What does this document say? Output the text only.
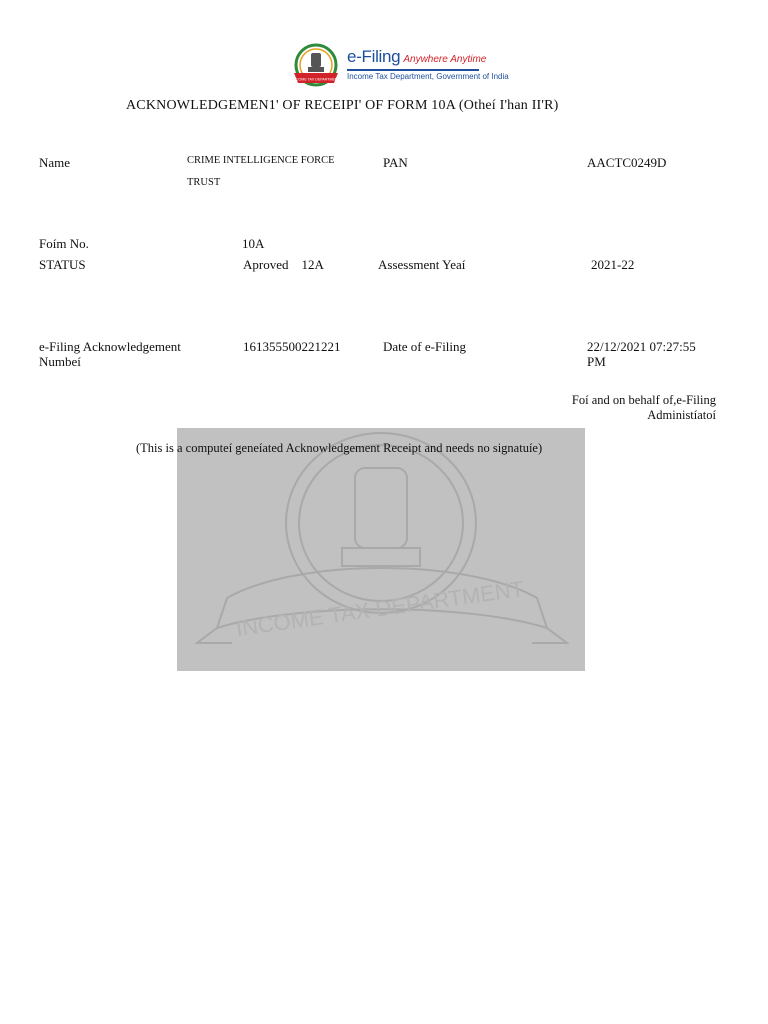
INCOME TAX DEPARTMENT
e-Filing Anywhere Anytime
Income Tax Department, Government of India
ACKNOWLEDGEMEN1' OF RECEIPI' OF FORM 10A (Otheí I'han II'R)
Name	CRIME INTELLIGENCE FORCE
TRUST
PAN	AACTC0249D
Foím No.	10A
STATUS	Aproved    12A	Assessment Yeaí	2021-22
e-Filing Acknowledgement
Numbeí
161355500221221	Date of e-Filing	22/12/2021 07:27:55
PM
Foí and on behalf of,e-Filing Administíatoí
INCOME TAX DEPARTMENT
(This is a computeí geneíated Acknowledgement Receipt and needs no signatuíe)
